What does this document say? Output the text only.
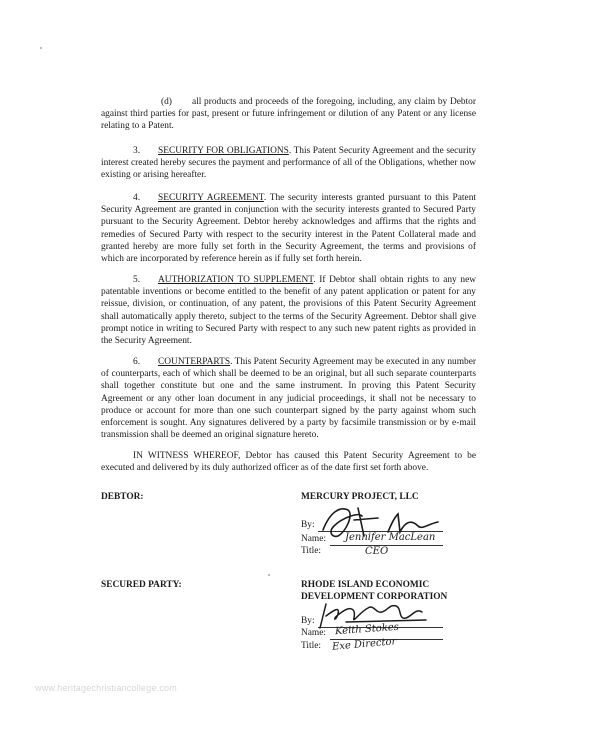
(d) all products and proceeds of the foregoing, including, any claim by Debtor against third parties for past, present or future infringement or dilution of any Patent or any license relating to a Patent.
3. SECURITY FOR OBLIGATIONS. This Patent Security Agreement and the security interest created hereby secures the payment and performance of all of the Obligations, whether now existing or arising hereafter.
4. SECURITY AGREEMENT. The security interests granted pursuant to this Patent Security Agreement are granted in conjunction with the security interests granted to Secured Party pursuant to the Security Agreement. Debtor hereby acknowledges and affirms that the rights and remedies of Secured Party with respect to the security interest in the Patent Collateral made and granted hereby are more fully set forth in the Security Agreement, the terms and provisions of which are incorporated by reference herein as if fully set forth herein.
5. AUTHORIZATION TO SUPPLEMENT. If Debtor shall obtain rights to any new patentable inventions or become entitled to the benefit of any patent application or patent for any reissue, division, or continuation, of any patent, the provisions of this Patent Security Agreement shall automatically apply thereto, subject to the terms of the Security Agreement. Debtor shall give prompt notice in writing to Secured Party with respect to any such new patent rights as provided in the Security Agreement.
6. COUNTERPARTS. This Patent Security Agreement may be executed in any number of counterparts, each of which shall be deemed to be an original, but all such separate counterparts shall together constitute but one and the same instrument. In proving this Patent Security Agreement or any other loan document in any judicial proceedings, it shall not be necessary to produce or account for more than one such counterpart signed by the party against whom such enforcement is sought. Any signatures delivered by a party by facsimile transmission or by e-mail transmission shall be deemed an original signature hereto.
IN WITNESS WHEREOF, Debtor has caused this Patent Security Agreement to be executed and delivered by its duly authorized officer as of the date first set forth above.
DEBTOR:	MERCURY PROJECT, LLC
By:
Name: Jennifer MacLean
Title:	CEO
SECURED PARTY:	RHODE ISLAND ECONOMIC
DEVELOPMENT CORPORATION
By:
Name: Keith Stokes
Title: Exe Director
www.heritagechristiancollege.com
